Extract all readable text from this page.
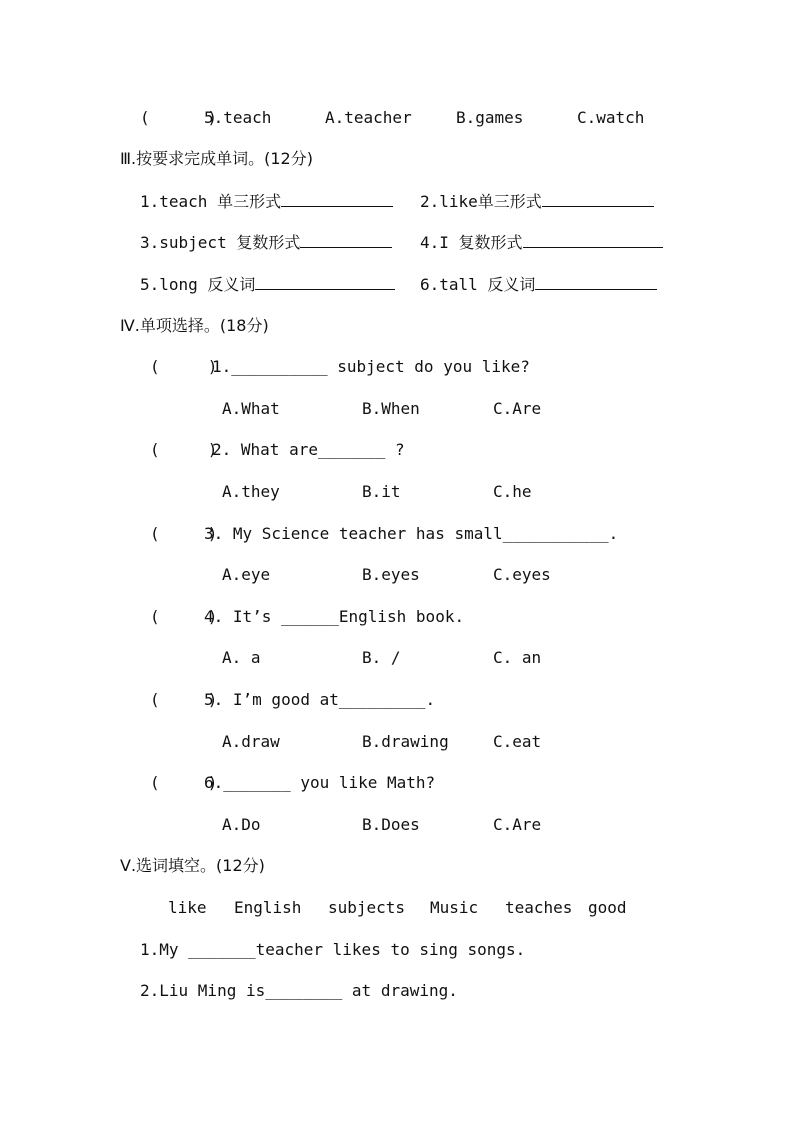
(      )
5.teach	A.teacher	B.games	C.watch
Ⅲ.按要求完成单词。(12分)
1.teach 单三形式	2.like单三形式
3.subject 复数形式	4.I 复数形式
5.long 反义词	6.tall 反义词
Ⅳ.单项选择。(18分)
(     )
1.__________ subject do you like?
A.What	B.When	C.Are
(     )
2. What are_______ ?
A.they	B.it	C.he
(     )
3. My Science teacher has small___________.
A.eye	B.eyes	C.eyes
(     )
4. It’s ______English book.
A. a	B. /	C. an
(     )
5. I’m good at_________.
A.draw	B.drawing	C.eat
(     )
6._______ you like Math?
A.Do	B.Does	C.Are
Ⅴ.选词填空。(12分)
like English subjects Music teaches good
1.My _______teacher likes to sing songs.
2.Liu Ming is________ at drawing.
